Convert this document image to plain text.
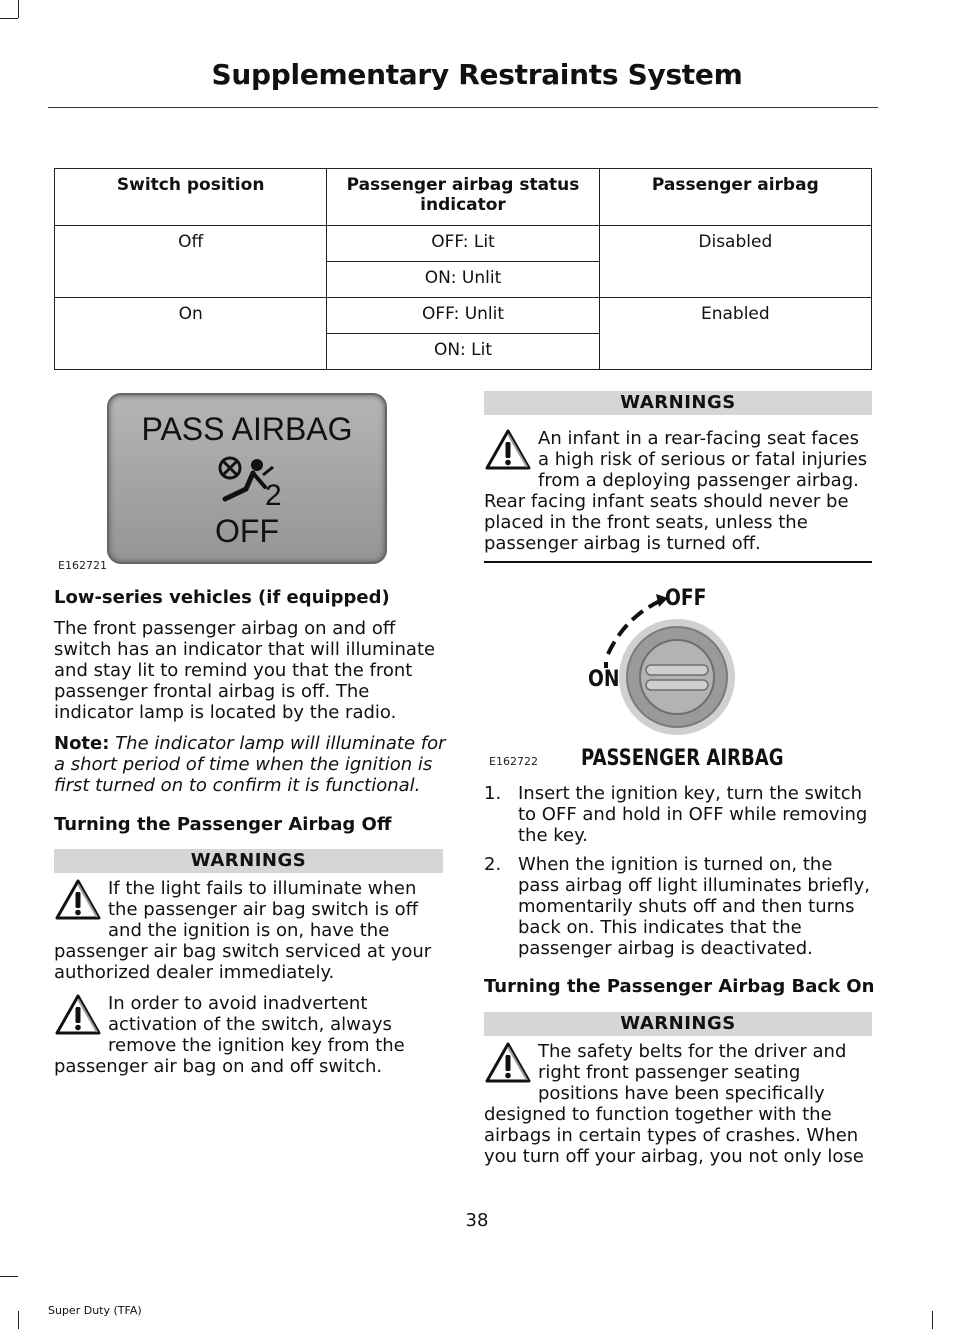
Supplementary Restraints System
Switch position	Passenger airbag status indicator	Passenger airbag
Off	OFF: Lit	Disabled
	ON: Unlit	
On	OFF: Unlit	Enabled
	ON: Lit	
PASS AIRBAG
2
OFF
E162721
Low-series vehicles (if equipped)

The front passenger airbag on and off switch has an indicator that will illuminate and stay lit to remind you that the front passenger frontal airbag is off. The indicator lamp is located by the radio.

Note: The indicator lamp will illuminate for a short period of time when the ignition is first turned on to confirm it is functional.

Turning the Passenger Airbag Off
WARNINGS
If the light fails to illuminate when the passenger air bag switch is off and the ignition is on, have the passenger air bag switch serviced at your authorized dealer immediately.
In order to avoid inadvertent activation of the switch, always remove the ignition key from the passenger air bag on and off switch.
WARNINGS
An infant in a rear-facing seat faces a high risk of serious or fatal injuries from a deploying passenger airbag. Rear facing infant seats should never be placed in the front seats, unless the passenger airbag is turned off.
OFF
ON
PASSENGER AIRBAG
E162722
1. Insert the ignition key, turn the switch to OFF and hold in OFF while removing the key.
2. When the ignition is turned on, the pass airbag off light illuminates briefly, momentarily shuts off and then turns back on. This indicates that the passenger airbag is deactivated.
Turning the Passenger Airbag Back On
WARNINGS
The safety belts for the driver and right front passenger seating positions have been specifically designed to function together with the airbags in certain types of crashes. When you turn off your airbag, you not only lose
38
Super Duty (TFA)
